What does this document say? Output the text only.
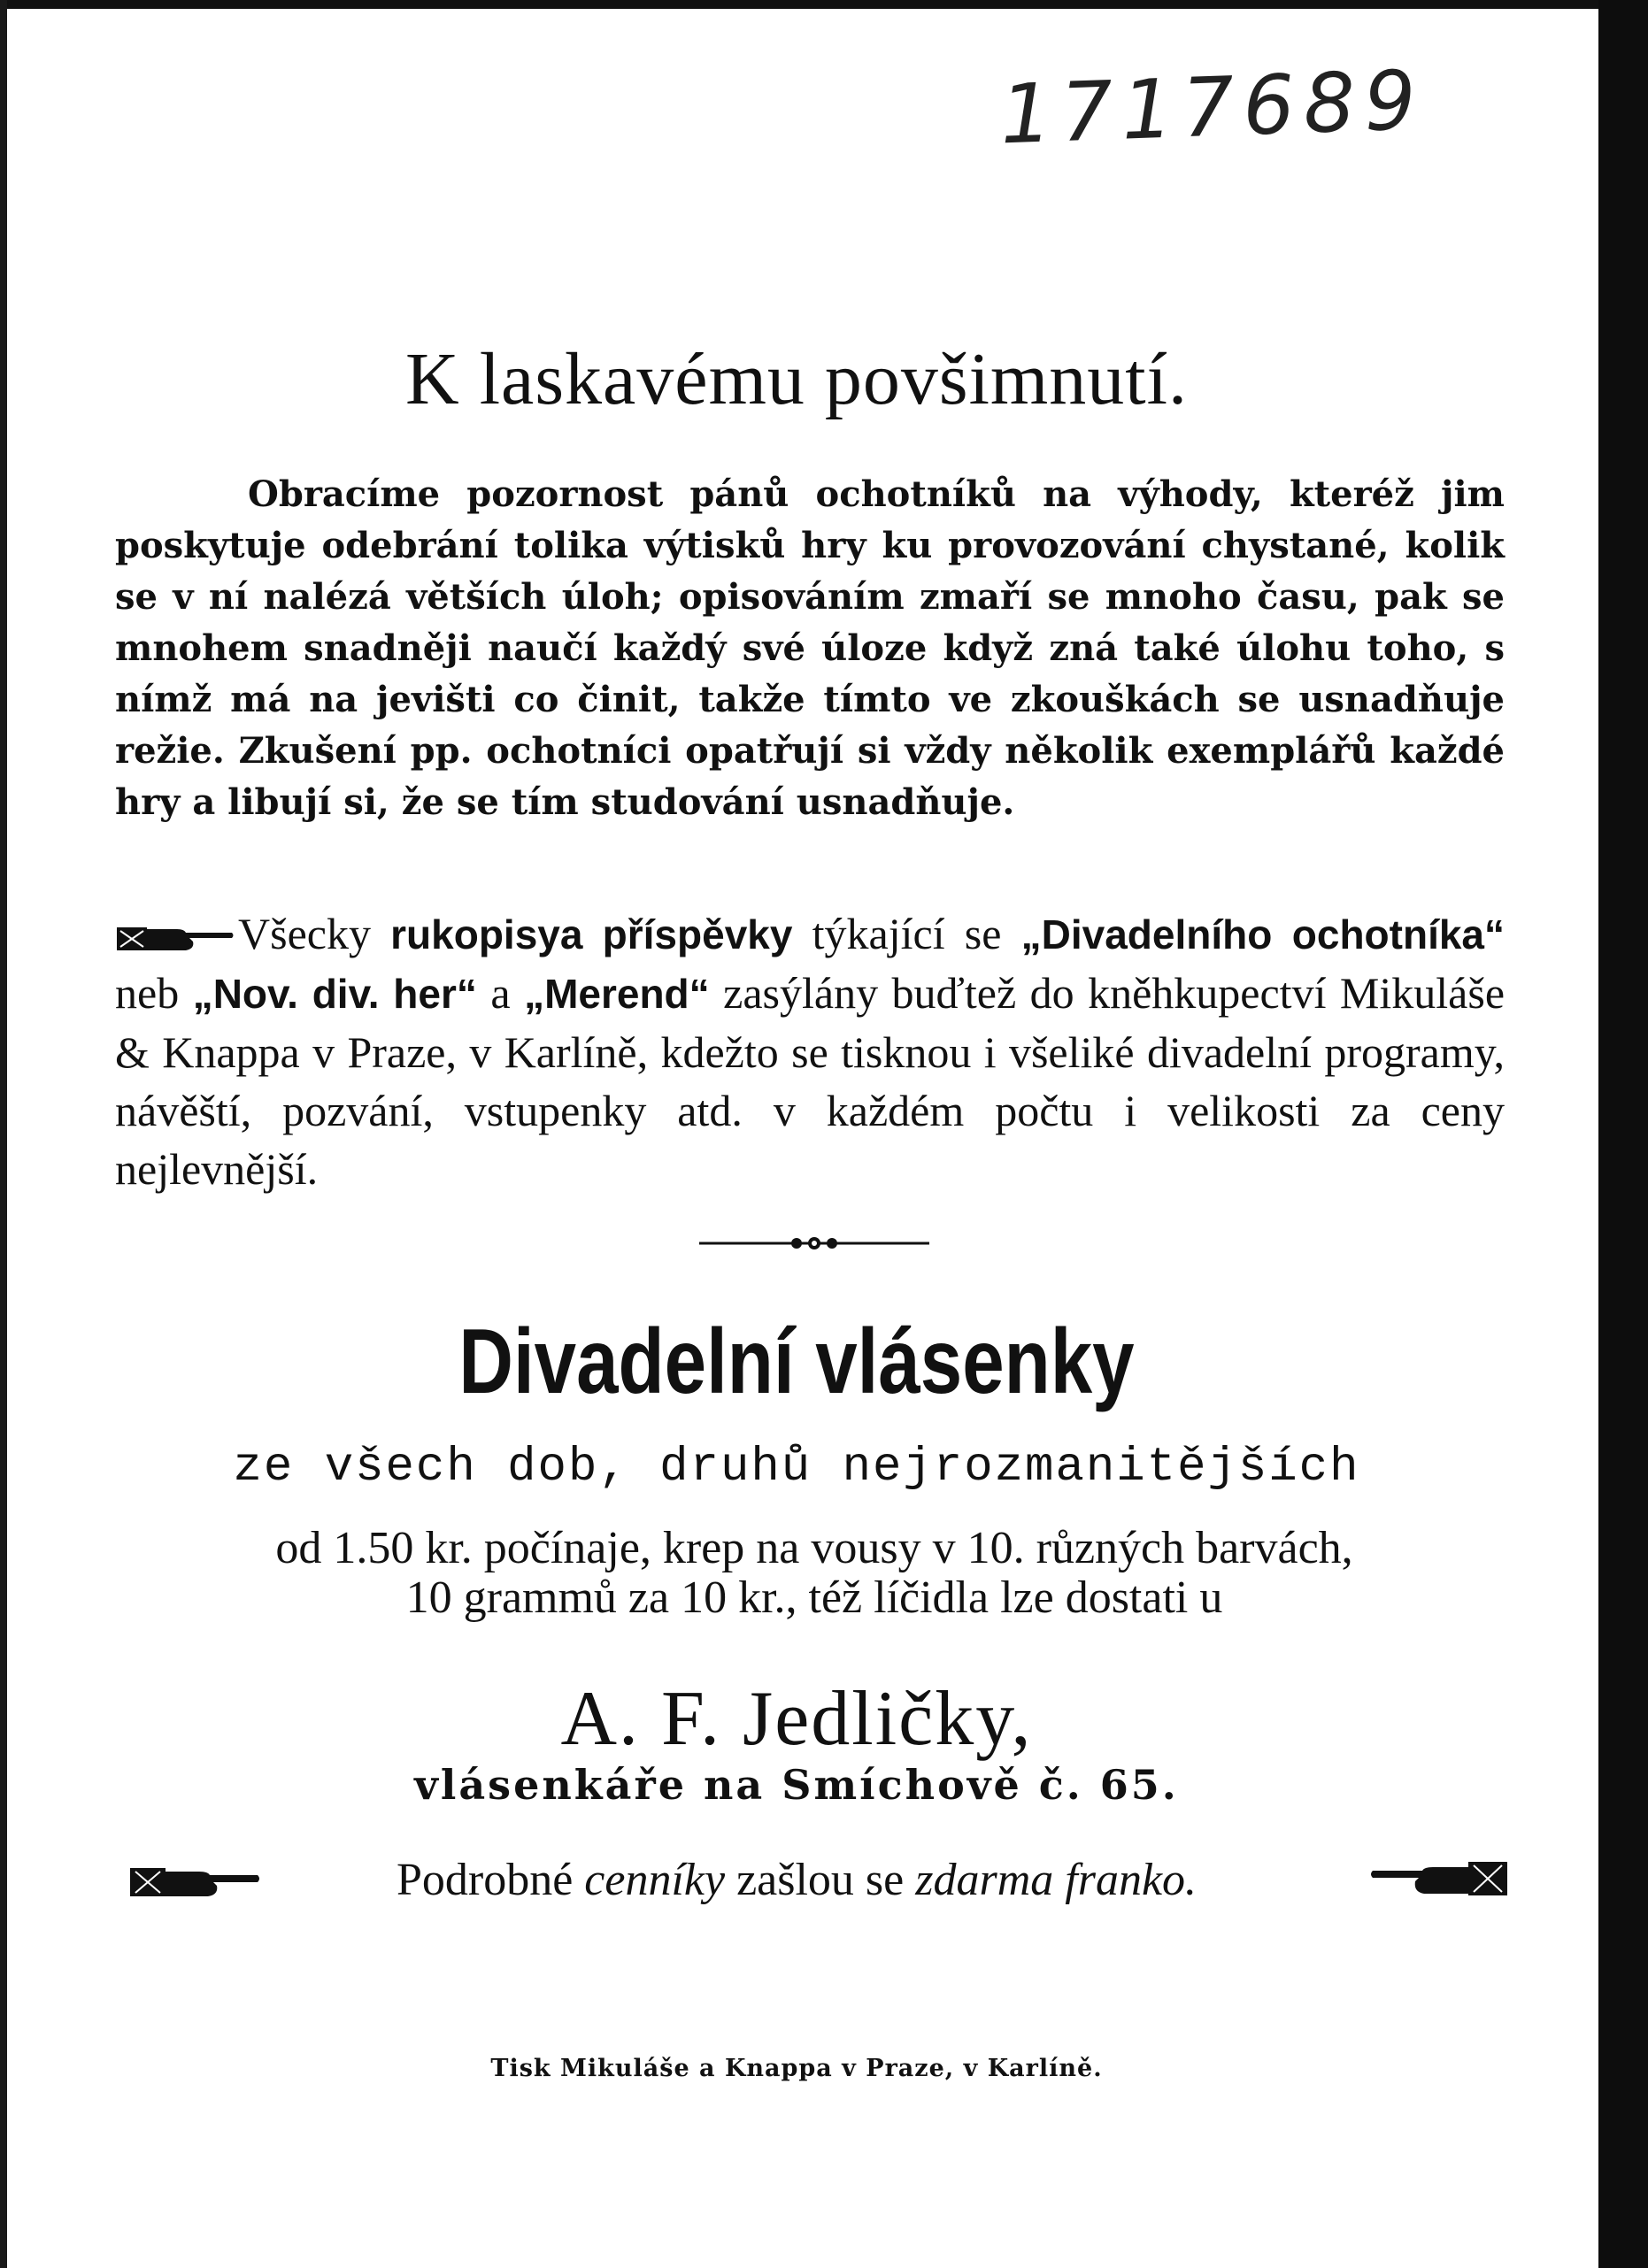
1717689
K laskavému povšimnutí.

Obracíme pozornost pánů ochotníků na výhody, kteréž jim poskytuje odebrání tolika výtisků hry ku provozování chystané, kolik se v ní nalézá větších úloh; opisováním zmaří se mnoho času, pak se mnohem snadněji naučí každý své úloze když zná také úlohu toho, s nímž má na jevišti co činit, takže tímto ve zkouškách se usnadňuje režie. Zkušení pp. ochotníci opatřují si vždy několik exemplářů každé hry a libují si, že se tím studování usnadňuje.

Všecky rukopisya příspěvky týkající se „Divadelního ochotníka“ neb „Nov. div. her“ a „Merend“ zasýlány buďtež do kněhkupectví Mikuláše & Knappa v Praze, v Karlíně, kdežto se tisknou i všeliké divadelní programy, návěští, pozvání, vstupenky atd. v každém počtu i velikosti za ceny nejlevnější.

Divadelní vlásenky
ze všech dob, druhů nejrozmanitějších

od 1.50 kr. počínaje, krep na vousy v 10. různých barvách,
10 grammů za 10 kr., též líčidla lze dostati u

A. F. Jedličky,
vlásenkáře na Smíchově č. 65.
Podrobné cenníky zašlou se zdarma franko.
Tisk Mikuláše a Knappa v Praze, v Karlíně.
